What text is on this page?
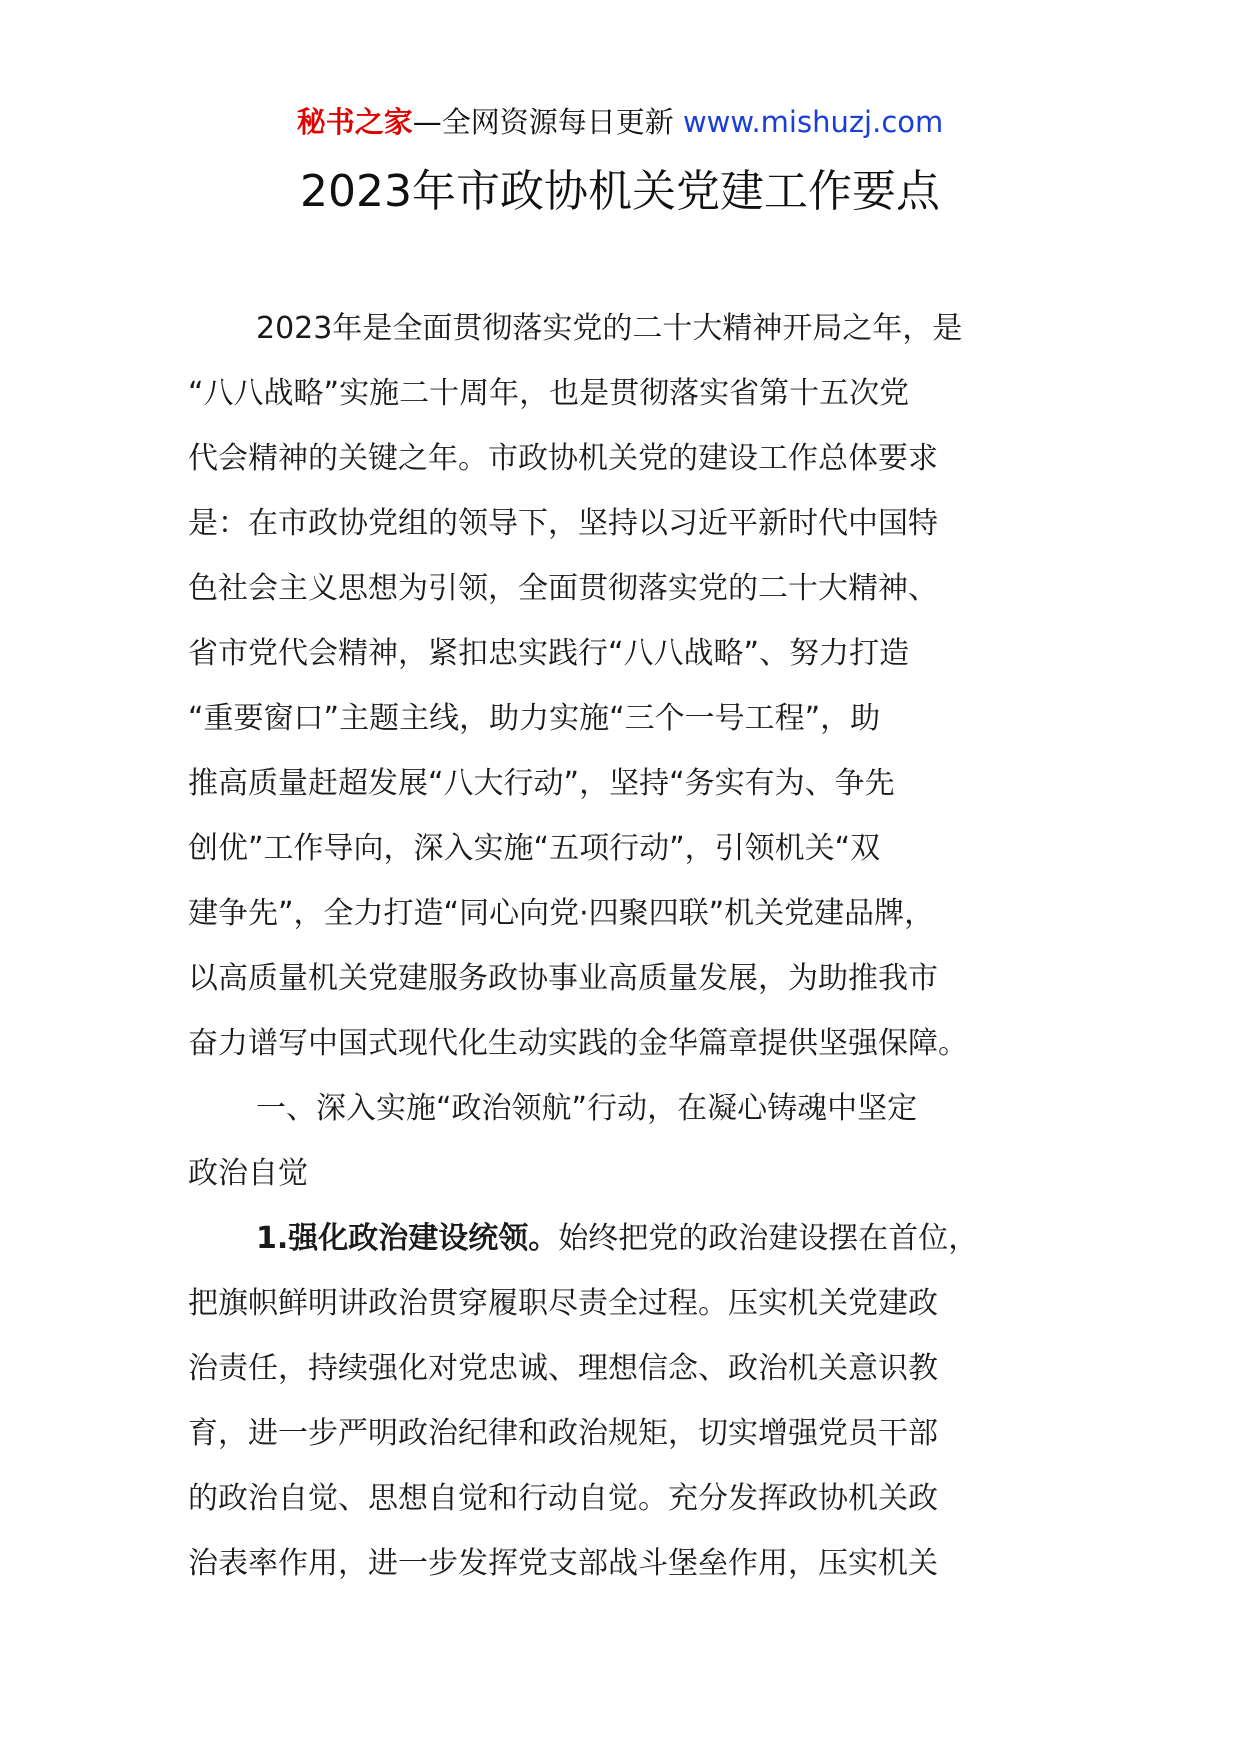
秘书之家—全网资源每日更新 www.mishuzj.com
2023年市政协机关党建工作要点
2023年是全面贯彻落实党的二十大精神开局之年，是
“八八战略”实施二十周年，也是贯彻落实省第十五次党
代会精神的关键之年。市政协机关党的建设工作总体要求
是：在市政协党组的领导下，坚持以习近平新时代中国特
色社会主义思想为引领，全面贯彻落实党的二十大精神、
省市党代会精神，紧扣忠实践行“八八战略”、努力打造
“重要窗口”主题主线，助力实施“三个一号工程”，助
推高质量赶超发展“八大行动”，坚持“务实有为、争先
创优”工作导向，深入实施“五项行动”，引领机关“双
建争先”，全力打造“同心向党·四聚四联”机关党建品牌，
以高质量机关党建服务政协事业高质量发展，为助推我市
奋力谱写中国式现代化生动实践的金华篇章提供坚强保障。
一、深入实施“政治领航”行动，在凝心铸魂中坚定
政治自觉
1.强化政治建设统领。始终把党的政治建设摆在首位，
把旗帜鲜明讲政治贯穿履职尽责全过程。压实机关党建政
治责任，持续强化对党忠诚、理想信念、政治机关意识教
育，进一步严明政治纪律和政治规矩，切实增强党员干部
的政治自觉、思想自觉和行动自觉。充分发挥政协机关政
治表率作用，进一步发挥党支部战斗堡垒作用，压实机关
